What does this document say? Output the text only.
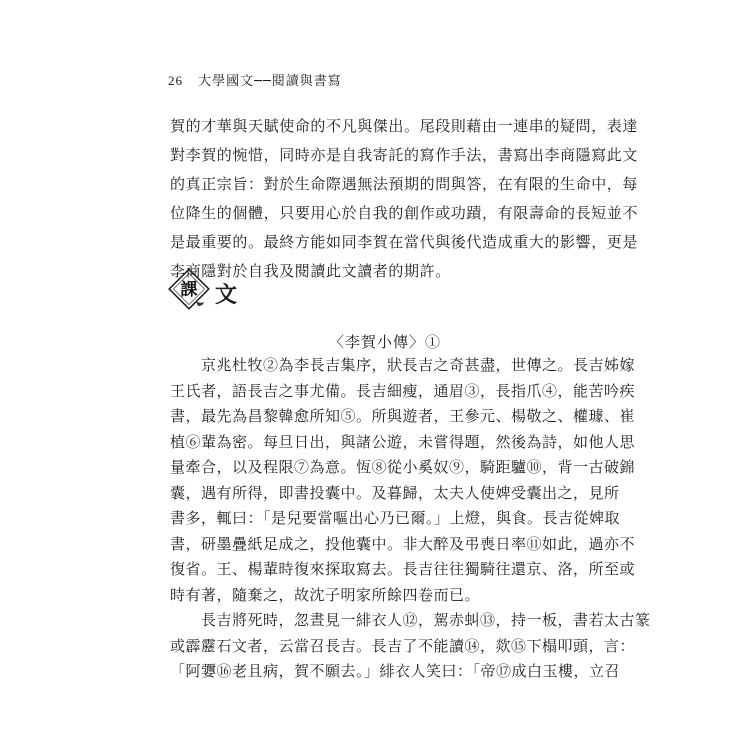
26 大學國文──閱讀與書寫
賀的才華與天賦使命的不凡與傑出。尾段則藉由一連串的疑問，表達
對李賀的惋惜，同時亦是自我寄託的寫作手法，書寫出李商隱寫此文
的真正宗旨：對於生命際遇無法預期的問與答，在有限的生命中，每
位降生的個體，只要用心於自我的創作或功蹟，有限壽命的長短並不
是最重要的。最終方能如同李賀在當代與後代造成重大的影響，更是
李商隱對於自我及閱讀此文讀者的期許。
課 文
〈李賀小傳〉①
　　京兆杜牧②為李長吉集序，狀長吉之奇甚盡，世傳之。長吉姊嫁
王氏者，語長吉之事尤備。長吉細瘦，通眉③，長指爪④，能苦吟疾
書，最先為昌黎韓愈所知⑤。所與遊者，王參元、楊敬之、權璩、崔
植⑥輩為密。每旦日出，與諸公遊，未嘗得題，然後為詩，如他人思
量牽合，以及程限⑦為意。恆⑧從小奚奴⑨，騎距驢⑩，背一古破錦
囊，遇有所得，即書投囊中。及暮歸，太夫人使婢受囊出之，見所
書多，輒曰：「是兒要當嘔出心乃已爾。」上燈，與食。長吉從婢取
書，研墨疊紙足成之，投他囊中。非大醉及弔喪日率⑪如此，過亦不
復省。王、楊輩時復來探取寫去。長吉往往獨騎往還京、洛，所至或
時有著，隨棄之，故沈子明家所餘四卷而已。
　　長吉將死時，忽晝見一緋衣人⑫，駕赤虯⑬，持一板，書若太古篆
或霹靂石文者，云當召長吉。長吉了不能讀⑭，欻⑮下榻叩頭，言：
「阿㜷⑯老且病，賀不願去。」緋衣人笑曰：「帝⑰成白玉樓，立召
